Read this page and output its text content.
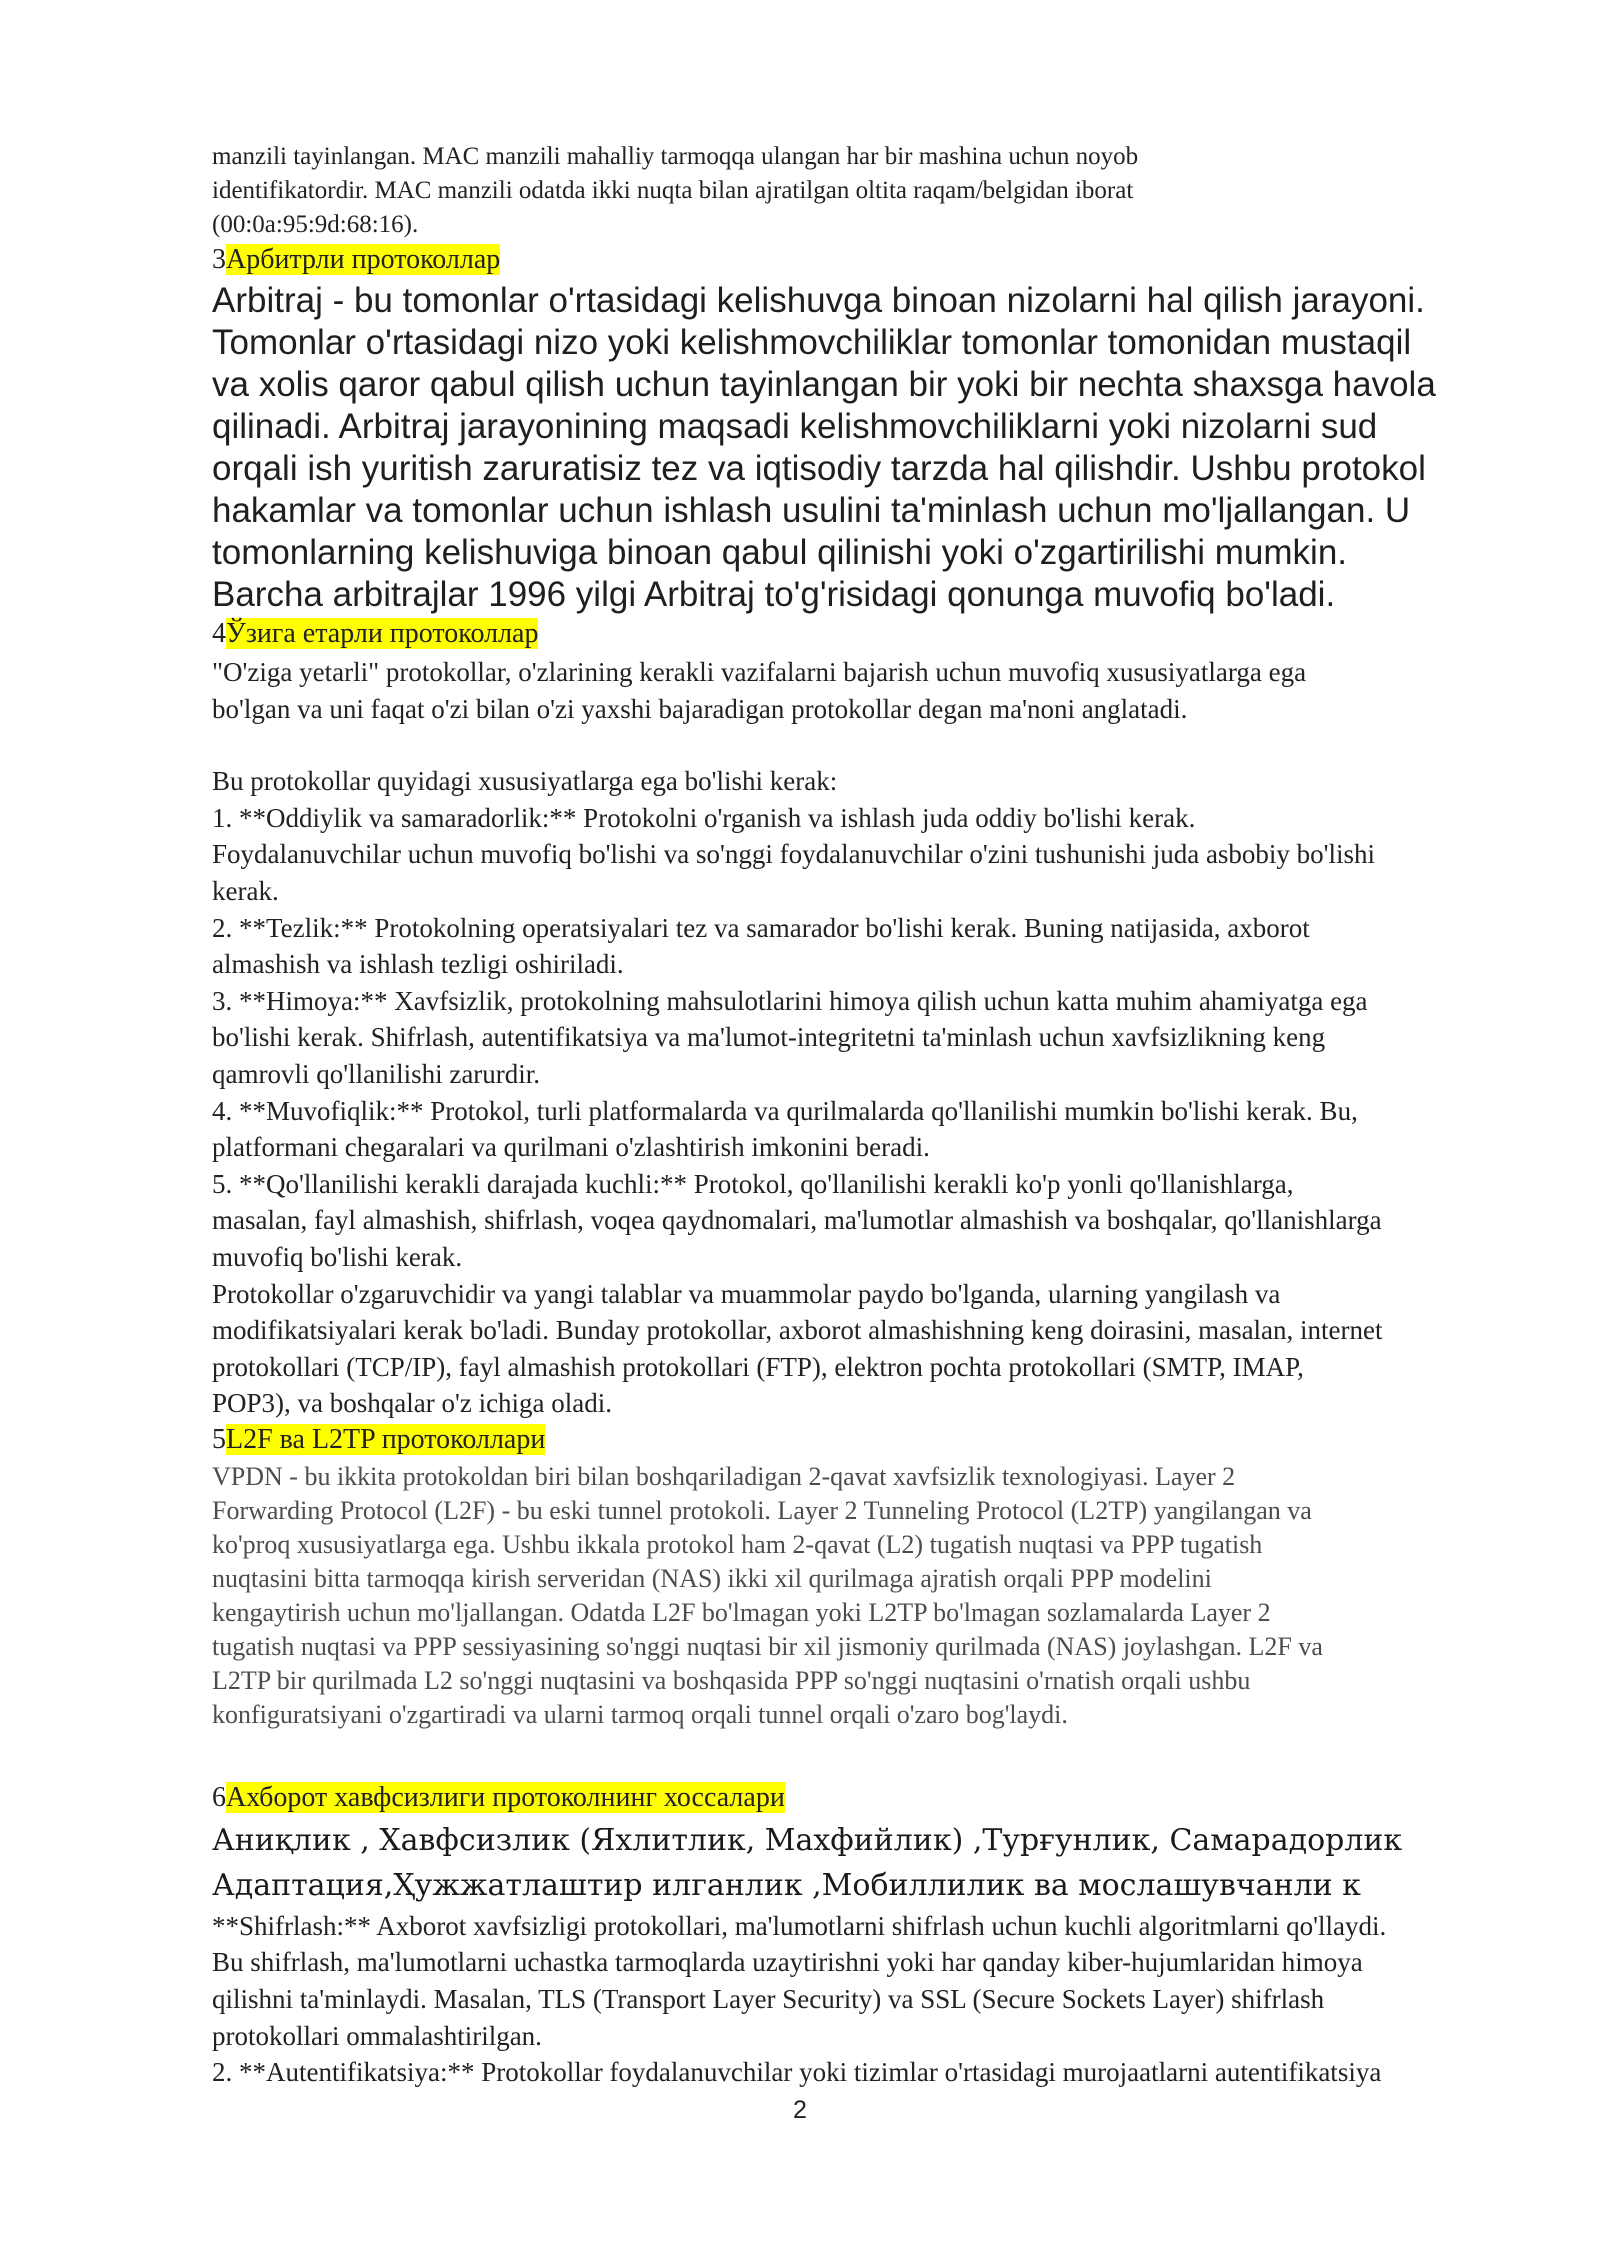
manzili tayinlangan. MAC manzili mahalliy tarmoqqa ulangan har bir mashina uchun noyob
identifikatordir. MAC manzili odatda ikki nuqta bilan ajratilgan oltita raqam/belgidan iborat
(00:0a:95:9d:68:16).
3Арбитрли протоколлар
Arbitraj - bu tomonlar o'rtasidagi kelishuvga binoan nizolarni hal qilish jarayoni.
Tomonlar o'rtasidagi nizo yoki kelishmovchiliklar tomonlar tomonidan mustaqil
va xolis qaror qabul qilish uchun tayinlangan bir yoki bir nechta shaxsga havola
qilinadi. Arbitraj jarayonining maqsadi kelishmovchiliklarni yoki nizolarni sud
orqali ish yuritish zaruratisiz tez va iqtisodiy tarzda hal qilishdir. Ushbu protokol
hakamlar va tomonlar uchun ishlash usulini ta'minlash uchun mo'ljallangan. U
tomonlarning kelishuviga binoan qabul qilinishi yoki o'zgartirilishi mumkin.
Barcha arbitrajlar 1996 yilgi Arbitraj to'g'risidagi qonunga muvofiq bo'ladi.
4Ўзига етарли протоколлар
"O'ziga yetarli" protokollar, o'zlarining kerakli vazifalarni bajarish uchun muvofiq xususiyatlarga ega
bo'lgan va uni faqat o'zi bilan o'zi yaxshi bajaradigan protokollar degan ma'noni anglatadi.
Bu protokollar quyidagi xususiyatlarga ega bo'lishi kerak:
1. **Oddiylik va samaradorlik:** Protokolni o'rganish va ishlash juda oddiy bo'lishi kerak.
Foydalanuvchilar uchun muvofiq bo'lishi va so'nggi foydalanuvchilar o'zini tushunishi juda asbobiy bo'lishi
kerak.
2. **Tezlik:** Protokolning operatsiyalari tez va samarador bo'lishi kerak. Buning natijasida, axborot
almashish va ishlash tezligi oshiriladi.
3. **Himoya:** Xavfsizlik, protokolning mahsulotlarini himoya qilish uchun katta muhim ahamiyatga ega
bo'lishi kerak. Shifrlash, autentifikatsiya va ma'lumot-integritetni ta'minlash uchun xavfsizlikning keng
qamrovli qo'llanilishi zarurdir.
4. **Muvofiqlik:** Protokol, turli platformalarda va qurilmalarda qo'llanilishi mumkin bo'lishi kerak. Bu,
platformani chegaralari va qurilmani o'zlashtirish imkonini beradi.
5. **Qo'llanilishi kerakli darajada kuchli:** Protokol, qo'llanilishi kerakli ko'p yonli qo'llanishlarga,
masalan, fayl almashish, shifrlash, voqea qaydnomalari, ma'lumotlar almashish va boshqalar, qo'llanishlarga
muvofiq bo'lishi kerak.
Protokollar o'zgaruvchidir va yangi talablar va muammolar paydo bo'lganda, ularning yangilash va
modifikatsiyalari kerak bo'ladi. Bunday protokollar, axborot almashishning keng doirasini, masalan, internet
protokollari (TCP/IP), fayl almashish protokollari (FTP), elektron pochta protokollari (SMTP, IMAP,
POP3), va boshqalar o'z ichiga oladi.
5L2F ва L2TP протоколлари
VPDN - bu ikkita protokoldan biri bilan boshqariladigan 2-qavat xavfsizlik texnologiyasi. Layer 2
Forwarding Protocol (L2F) - bu eski tunnel protokoli. Layer 2 Tunneling Protocol (L2TP) yangilangan va
ko'proq xususiyatlarga ega. Ushbu ikkala protokol ham 2-qavat (L2) tugatish nuqtasi va PPP tugatish
nuqtasini bitta tarmoqqa kirish serveridan (NAS) ikki xil qurilmaga ajratish orqali PPP modelini
kengaytirish uchun mo'ljallangan. Odatda L2F bo'lmagan yoki L2TP bo'lmagan sozlamalarda Layer 2
tugatish nuqtasi va PPP sessiyasining so'nggi nuqtasi bir xil jismoniy qurilmada (NAS) joylashgan. L2F va
L2TP bir qurilmada L2 so'nggi nuqtasini va boshqasida PPP so'nggi nuqtasini o'rnatish orqali ushbu
konfiguratsiyani o'zgartiradi va ularni tarmoq orqali tunnel orqali o'zaro bog'laydi.
6Ахборот хавфсизлиги протоколнинг хоссалари
Аниқлик , Хавфсизлик (Яхлитлик, Махфийлик) ,Турғунлик, Самарадорлик
Адаптация,Ҳужжатлаштир илганлик ,Мобиллилик ва мослашувчанли к
**Shifrlash:** Axborot xavfsizligi protokollari, ma'lumotlarni shifrlash uchun kuchli algoritmlarni qo'llaydi.
Bu shifrlash, ma'lumotlarni uchastka tarmoqlarda uzaytirishni yoki har qanday kiber-hujumlaridan himoya
qilishni ta'minlaydi. Masalan, TLS (Transport Layer Security) va SSL (Secure Sockets Layer) shifrlash
protokollari ommalashtirilgan.
2. **Autentifikatsiya:** Protokollar foydalanuvchilar yoki tizimlar o'rtasidagi murojaatlarni autentifikatsiya
2
